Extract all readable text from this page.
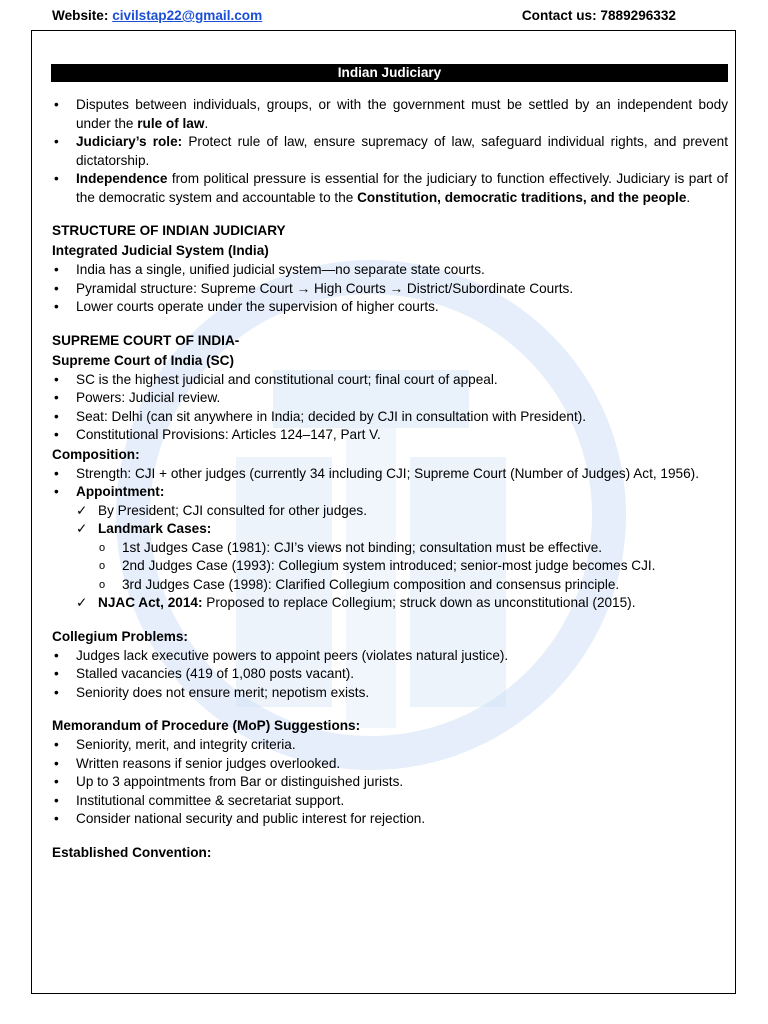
Website: civilstap22@gmail.com	Contact us: 7889296332
Indian Judiciary
• Disputes between individuals, groups, or with the government must be settled by an independent body under the rule of law.
• Judiciary’s role: Protect rule of law, ensure supremacy of law, safeguard individual rights, and prevent dictatorship.
• Independence from political pressure is essential for the judiciary to function effectively. Judiciary is part of the democratic system and accountable to the Constitution, democratic traditions, and the people.
STRUCTURE OF INDIAN JUDICIARY
Integrated Judicial System (India)
• India has a single, unified judicial system—no separate state courts.
• Pyramidal structure: Supreme Court → High Courts → District/Subordinate Courts.
• Lower courts operate under the supervision of higher courts.
SUPREME COURT OF INDIA-
Supreme Court of India (SC)
• SC is the highest judicial and constitutional court; final court of appeal.
• Powers: Judicial review.
• Seat: Delhi (can sit anywhere in India; decided by CJI in consultation with President).
• Constitutional Provisions: Articles 124–147, Part V.
Composition:
• Strength: CJI + other judges (currently 34 including CJI; Supreme Court (Number of Judges) Act, 1956).
• Appointment:
✓ By President; CJI consulted for other judges.
✓ Landmark Cases:
o 1st Judges Case (1981): CJI’s views not binding; consultation must be effective.
o 2nd Judges Case (1993): Collegium system introduced; senior-most judge becomes CJI.
o 3rd Judges Case (1998): Clarified Collegium composition and consensus principle.
✓ NJAC Act, 2014: Proposed to replace Collegium; struck down as unconstitutional (2015).
Collegium Problems:
• Judges lack executive powers to appoint peers (violates natural justice).
• Stalled vacancies (419 of 1,080 posts vacant).
• Seniority does not ensure merit; nepotism exists.
Memorandum of Procedure (MoP) Suggestions:
• Seniority, merit, and integrity criteria.
• Written reasons if senior judges overlooked.
• Up to 3 appointments from Bar or distinguished jurists.
• Institutional committee & secretariat support.
• Consider national security and public interest for rejection.
Established Convention:
